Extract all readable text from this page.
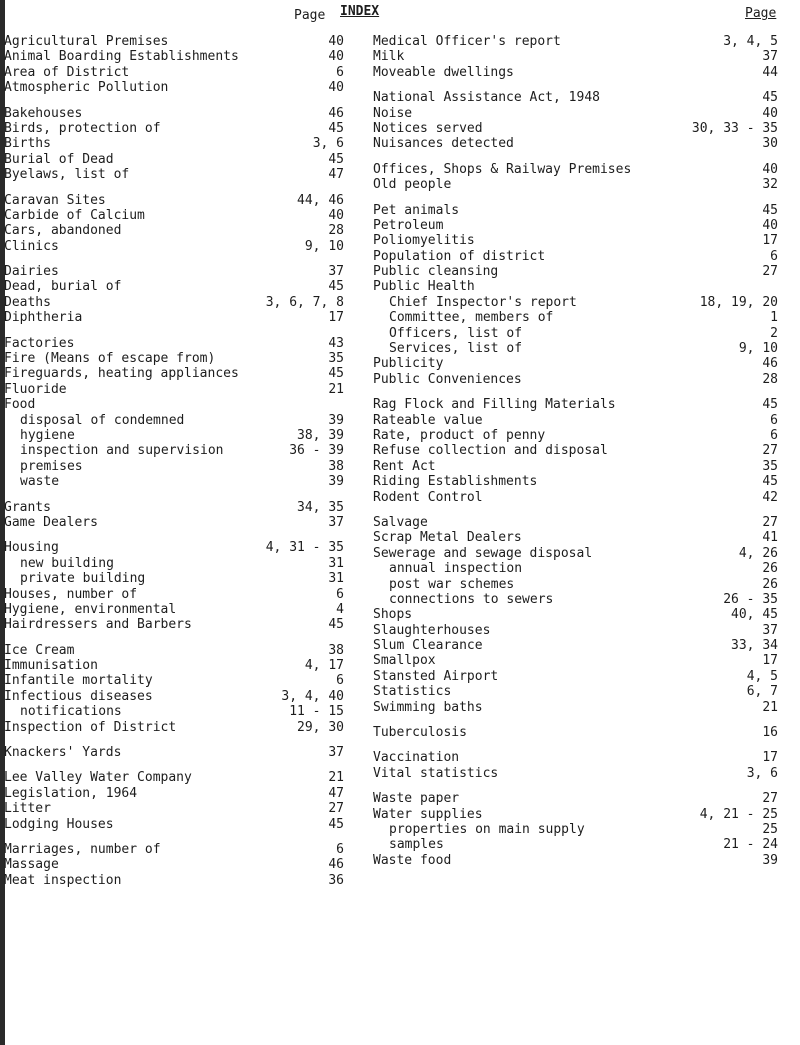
Page INDEX	Page
Agricultural Premises	40
Animal Boarding Establishments	40
Area of District	6
Atmospheric Pollution	40
Bakehouses	46
Birds, protection of	45
Births	3, 6
Burial of Dead	45
Byelaws, list of	47
Caravan Sites	44, 46
Carbide of Calcium	40
Cars, abandoned	28
Clinics	9, 10
Dairies	37
Dead, burial of	45
Deaths	3, 6, 7, 8
Diphtheria	17
Factories	43
Fire (Means of escape from)	35
Fireguards, heating appliances	45
Fluoride	21
Food
disposal of condemned	39
hygiene	38, 39
inspection and supervision	36 - 39
premises	38
waste	39
Grants	34, 35
Game Dealers	37
Housing	4, 31 - 35
new building	31
private building	31
Houses, number of	6
Hygiene, environmental	4
Hairdressers and Barbers	45
Ice Cream	38
Immunisation	4, 17
Infantile mortality	6
Infectious diseases	3, 4, 40
notifications	11 - 15
Inspection of District	29, 30
Knackers' Yards	37
Lee Valley Water Company	21
Legislation, 1964	47
Litter	27
Lodging Houses	45
Marriages, number of	6
Massage	46
Meat inspection	36
Medical Officer's report	3, 4, 5
Milk	37
Moveable dwellings	44
National Assistance Act, 1948	45
Noise	40
Notices served	30, 33 - 35
Nuisances detected	30
Offices, Shops & Railway Premises	40
Old people	32
Pet animals	45
Petroleum	40
Poliomyelitis	17
Population of district	6
Public cleansing	27
Public Health
Chief Inspector's report	18, 19, 20
Committee, members of	1
Officers, list of	2
Services, list of	9, 10
Publicity	46
Public Conveniences	28
Rag Flock and Filling Materials	45
Rateable value	6
Rate, product of penny	6
Refuse collection and disposal	27
Rent Act	35
Riding Establishments	45
Rodent Control	42
Salvage	27
Scrap Metal Dealers	41
Sewerage and sewage disposal	4, 26
annual inspection	26
post war schemes	26
connections to sewers	26 - 35
Shops	40, 45
Slaughterhouses	37
Slum Clearance	33, 34
Smallpox	17
Stansted Airport	4, 5
Statistics	6, 7
Swimming baths	21
Tuberculosis	16
Vaccination	17
Vital statistics	3, 6
Waste paper	27
Water supplies	4, 21 - 25
properties on main supply	25
samples	21 - 24
Waste food	39
